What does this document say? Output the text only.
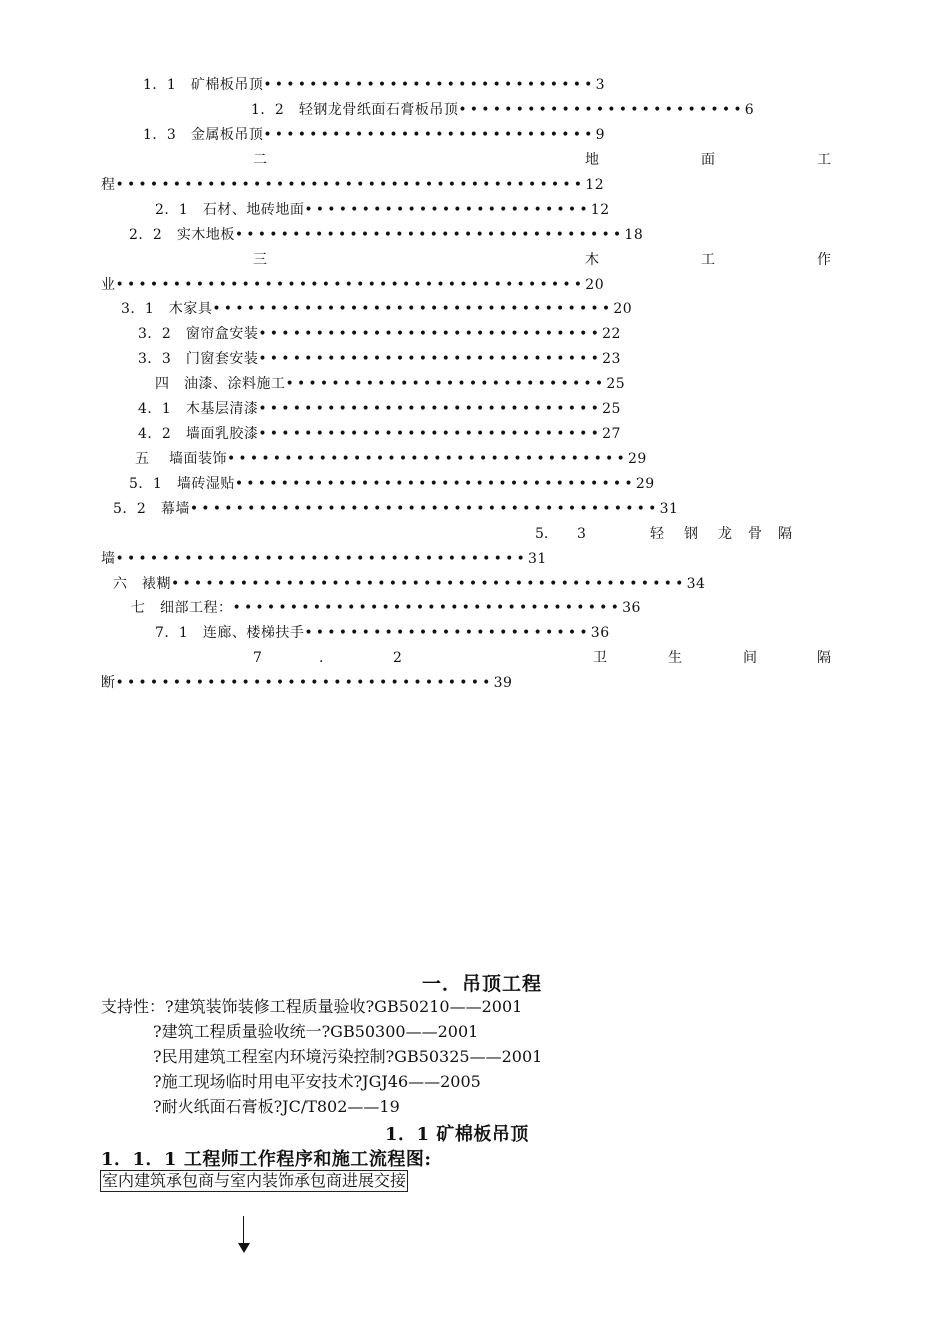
1．1　矿棉板吊顶•••••••••••••••••••••••••••••3
1．2　轻钢龙骨纸面石膏板吊顶•••••••••••••••••••••••••6
1．3　金属板吊顶•••••••••••••••••••••••••••••9
二	地	面	工
程•••••••••••••••••••••••••••••••••••••••••12
2．1　石材、地砖地面•••••••••••••••••••••••••12
2．2　实木地板••••••••••••••••••••••••••••••••••18
三	木	工	作
业•••••••••••••••••••••••••••••••••••••••••20
3．1　木家具•••••••••••••••••••••••••••••••••••20
3．2　窗帘盒安装••••••••••••••••••••••••••••••22
3．3　门窗套安装••••••••••••••••••••••••••••••23
四　油漆、涂料施工••••••••••••••••••••••••••••25
4．1　木基层清漆••••••••••••••••••••••••••••••25
4．2　墙面乳胶漆••••••••••••••••••••••••••••••27
五　 墙面装饰•••••••••••••••••••••••••••••••••••29
5．1　墙砖湿贴•••••••••••••••••••••••••••••••••••29
5．2　幕墙•••••••••••••••••••••••••••••••••••••••••31
5. 3	轻 钢 龙 骨 隔
墙••••••••••••••••••••••••••••••••••••31
六　裱糊•••••••••••••••••••••••••••••••••••••••••••••34
七　细部工程：••••••••••••••••••••••••••••••••••36
7．1　连廊、楼梯扶手•••••••••••••••••••••••••36
7	.	2	卫	生	间	隔
断•••••••••••••••••••••••••••••••••39
一．吊顶工程
支持性：?建筑装饰装修工程质量验收?GB50210——2001
?建筑工程质量验收统一?GB50300——2001
?民用建筑工程室内环境污染控制?GB50325——2001
?施工现场临时用电平安技术?JGJ46——2005
?耐火纸面石膏板?JC/T802——19
1．1 矿棉板吊顶
1．1．1 工程师工作程序和施工流程图:
室内建筑承包商与室内装饰承包商进展交接
